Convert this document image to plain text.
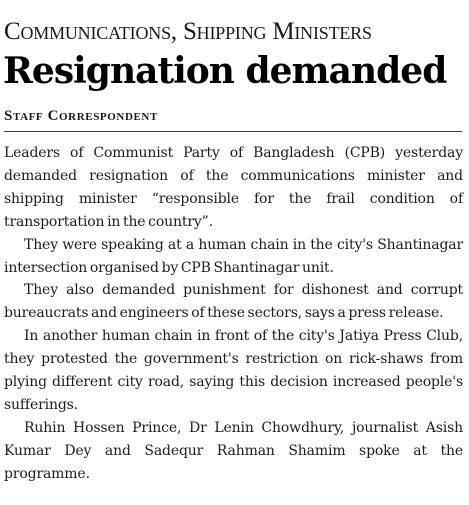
Communications, Shipping Ministers
Resignation demanded
Staff Correspondent

Leaders of Communist Party of Bangladesh (CPB) yesterday demanded resignation of the communications minister and shipping minister “responsible for the frail condition of transportation in the country”.

They were speaking at a human chain in the city's Shantinagar intersection organised by CPB Shantinagar unit.

They also demanded punishment for dishonest and corrupt bureaucrats and engineers of these sectors, says a press release.

In another human chain in front of the city's Jatiya Press Club, they protested the government's restriction on rick-shaws from plying different city road, saying this decision increased people's sufferings.

Ruhin Hossen Prince, Dr Lenin Chowdhury, journalist Asish Kumar Dey and Sadequr Rahman Shamim spoke at the programme.
